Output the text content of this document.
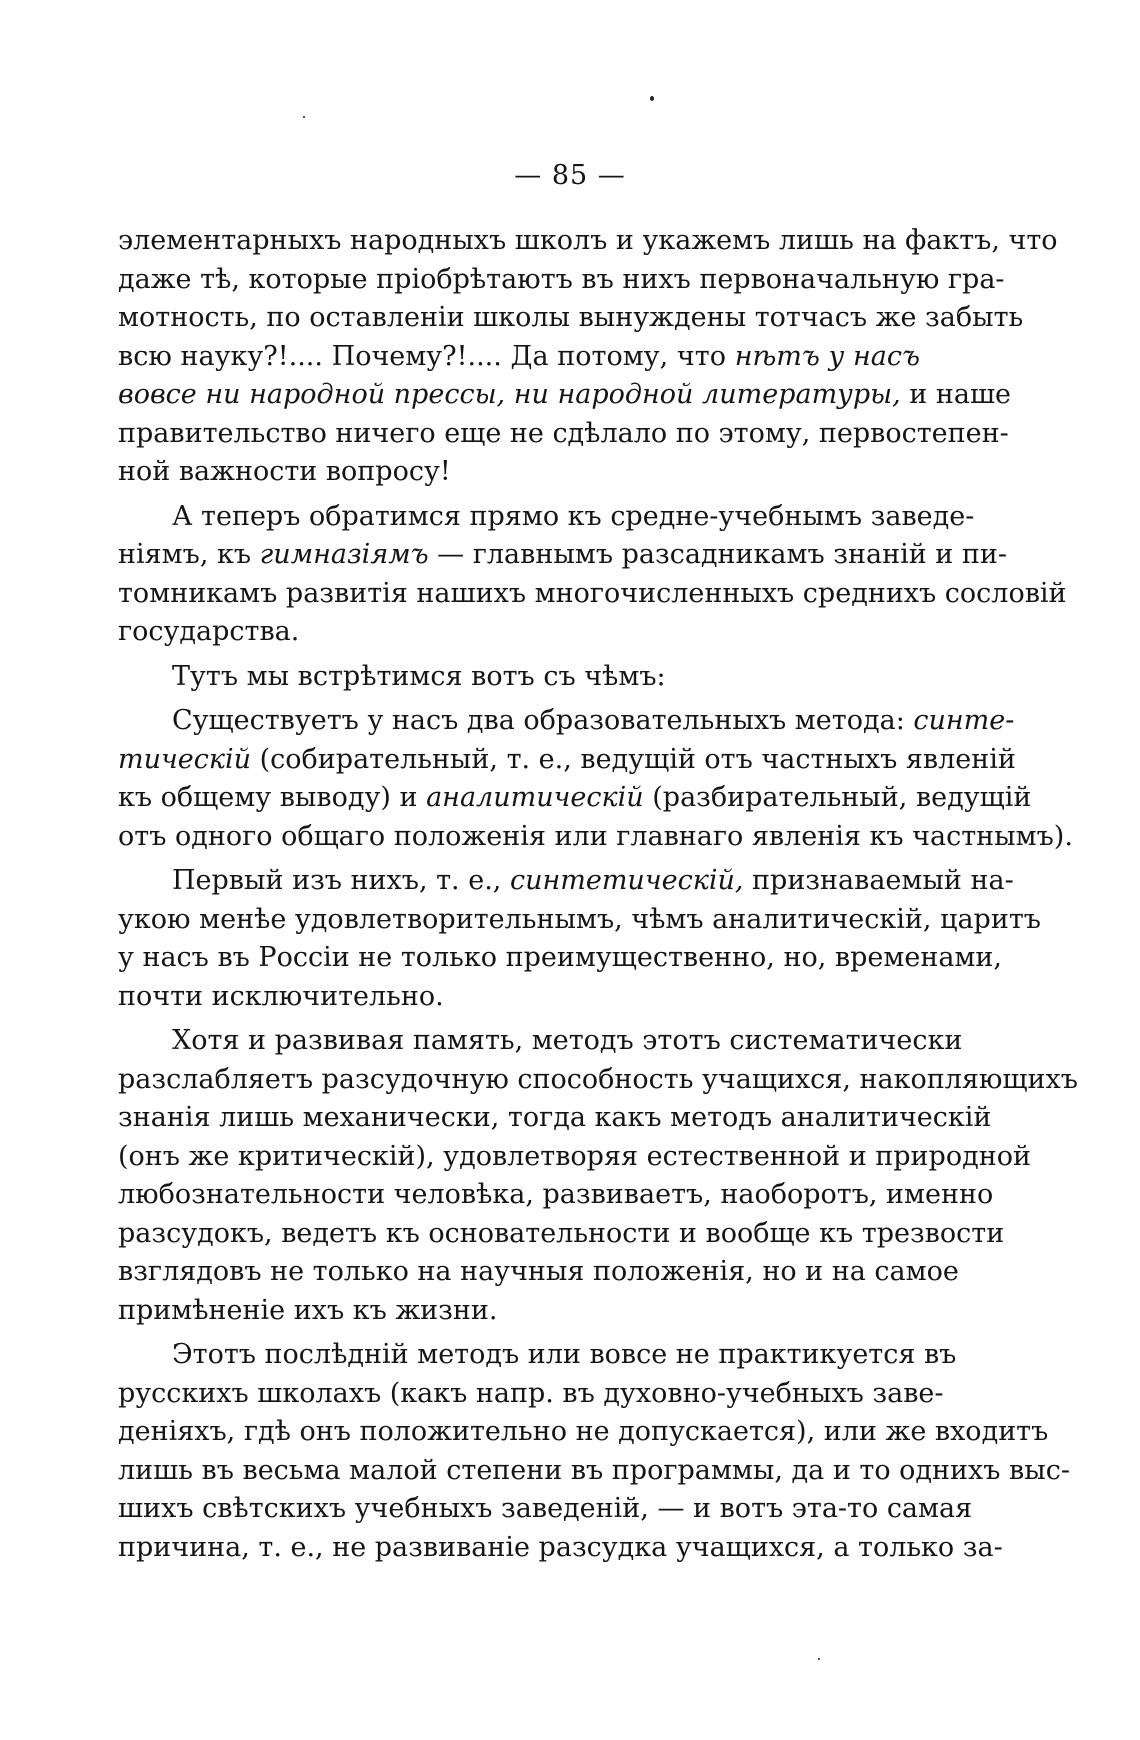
— 85 —
элементарныхъ народныхъ школъ и укажемъ лишь на фактъ, что
даже тѣ, которые пріобрѣтаютъ въ нихъ первоначальную гра-
мотность, по оставленіи школы вынуждены тотчасъ же забыть
всю науку?!.... Почему?!.... Да потому, что нѣтъ у насъ
вовсе ни народной прессы, ни народной литературы, и наше
правительство ничего еще не сдѣлало по этому, первостепен-
ной важности вопросу!
А теперъ обратимся прямо къ средне-учебнымъ заведе-
ніямъ, къ гимназіямъ — главнымъ разсадникамъ знаній и пи-
томникамъ развитія нашихъ многочисленныхъ среднихъ сословій
государства.
Тутъ мы встрѣтимся вотъ съ чѣмъ:
Существуетъ у насъ два образовательныхъ метода: синте-
тическій (собирательный, т. е., ведущій отъ частныхъ явленій
къ общему выводу) и аналитическій (разбирательный, ведущій
отъ одного общаго положенія или главнаго явленія къ частнымъ).
Первый изъ нихъ, т. е., синтетическій, признаваемый на-
укою менѣе удовлетворительнымъ, чѣмъ аналитическій, царитъ
у насъ въ Россіи не только преимущественно, но, временами,
почти исключительно.
Хотя и развивая память, методъ этотъ систематически
разслабляетъ разсудочную способность учащихся, накопляющихъ
знанія лишь механически, тогда какъ методъ аналитическій
(онъ же критическій), удовлетворяя естественной и природной
любознательности человѣка, развиваетъ, наоборотъ, именно
разсудокъ, ведетъ къ основательности и вообще къ трезвости
взглядовъ не только на научныя положенія, но и на самое
примѣненіе ихъ къ жизни.
Этотъ послѣдній методъ или вовсе не практикуется въ
русскихъ школахъ (какъ напр. въ духовно-учебныхъ заве-
деніяхъ, гдѣ онъ положительно не допускается), или же входитъ
лишь въ весьма малой степени въ программы, да и то однихъ выс-
шихъ свѣтскихъ учебныхъ заведеній, — и вотъ эта-то самая
причина, т. е., не развиваніе разсудка учащихся, а только за-
